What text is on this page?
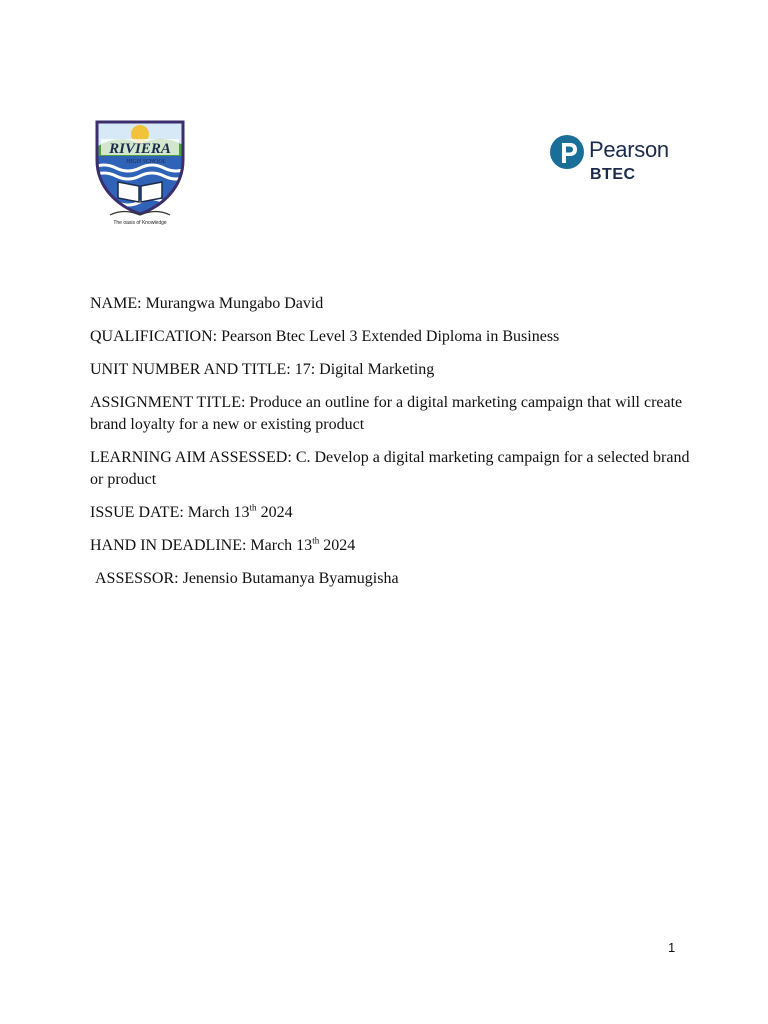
RIVIERA
HIGH SCHOOL
The oasis of Knowledge
Pearson
BTEC

NAME: Murangwa Mungabo David

QUALIFICATION: Pearson Btec Level 3 Extended Diploma in Business

UNIT NUMBER AND TITLE: 17: Digital Marketing

ASSIGNMENT TITLE: Produce an outline for a digital marketing campaign that will create brand loyalty for a new or existing product

LEARNING AIM ASSESSED: C. Develop a digital marketing campaign for a selected brand or product

ISSUE DATE: March 13th 2024

HAND IN DEADLINE: March 13th 2024

ASSESSOR: Jenensio Butamanya Byamugisha

1
